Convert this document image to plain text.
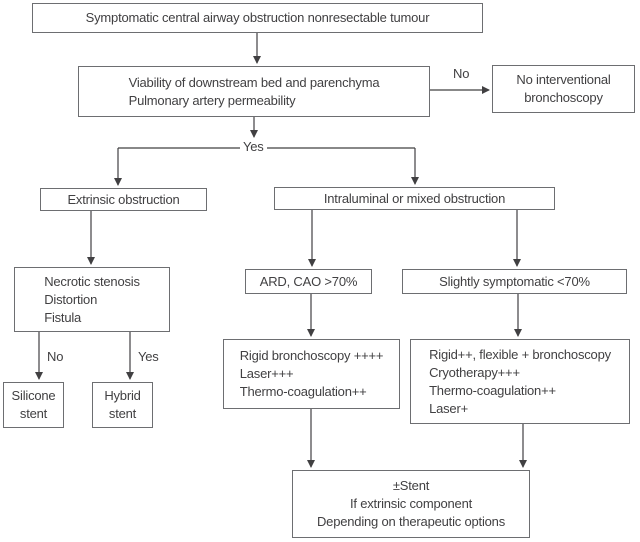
Symptomatic central airway obstruction nonresectable tumour
Viability of downstream bed and parenchyma
Pulmonary artery permeability
No interventional
bronchoscopy
Extrinsic obstruction	Intraluminal or mixed obstruction
Necrotic stenosis
Distortion
Fistula
ARD, CAO >70%	Slightly symptomatic <70%
Silicone
stent
Hybrid
stent
Rigid bronchoscopy ++++
Laser+++
Thermo-coagulation++
Rigid++, flexible + bronchoscopy
Cryotherapy+++
Thermo-coagulation++
Laser+
±Stent
If extrinsic component
Depending on therapeutic options
No
Yes
No	Yes
